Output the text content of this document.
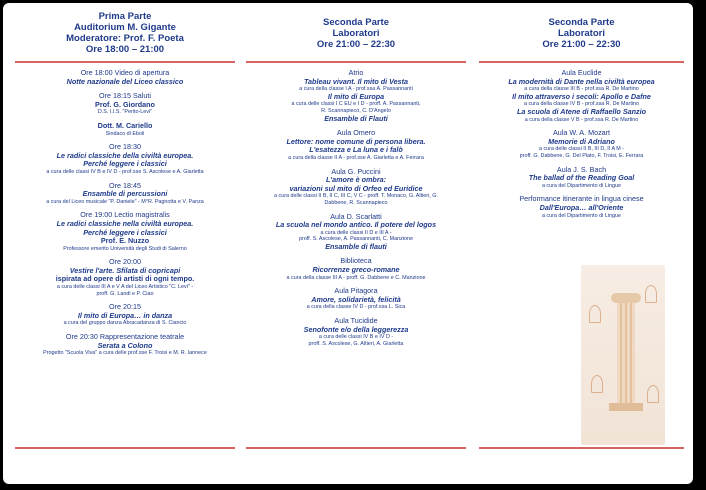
Prima Parte
Auditorium M. Gigante
Moderatore: Prof. F. Poeta
Ore 18:00 – 21:00
Ore 18:00 Video di apertura
Notte nazionale del Liceo classico
Ore 18:15 Saluti
Prof. G. Giordano
D.S. I.I.S. "Perito-Levi"
Dott. M. Cariello
Sindaco di Eboli
Ore 18:30
Le radici classiche della civiltà europea.
Perché leggere i classici
a cura delle classi IV B e IV D - prof.sse S. Ascolese e A. Giarletta
Ore 18:45
Ensamble di percussioni
a cura del Liceo musicale "P. Daniele" - M°R. Pagnotta e V. Panza
Ore 19:00 Lectio magistralis
Le radici classiche nella civiltà europea.
Perché leggere i classici
Prof. E. Nuzzo
Professore emerito Università degli Studi di Salerno
Ore 20:00
Vestire l'arte. Sfilata di copricapi
ispirata ad opere di artisti di ogni tempo.
a cura delle classi III A e V A del Liceo Artistico "C. Levi" -
proff. G. Landi e P. Ciao
Ore 20:15
Il mito di Europa… in danza
a cura del gruppo danza Abracadanza di S. Ciancio
Ore 20:30 Rappresentazione teatrale
Serata a Colono
Progetto "Scuola Viva" a cura delle prof.sse F. Troisi e M. R. Iannece
Seconda Parte
Laboratori
Ore 21:00 – 22:30
Atrio
Tableau vivant. Il mito di Vesta
a cura della classe I A - prof.ssa A. Passannanti
Il mito di Europa
a cura delle classi I C EU e I D - proff. A. Passannanti,
R. Scannapieco, C. D'Angelo
Ensamble di Flauti
Aula Omero
Lettore: nome comune di persona libera.
L'esatezza e La luna e i falò
a cura della classe II A - prof.sse A. Giarletta e A. Ferrara
Aula G. Puccini
L'amore è ombra:
variazioni sul mito di Orfeo ed Euridice
a cura delle classi II B, II C, III C, V C - proff. T. Monaco, G. Altieri, G.
Dabbene, R. Scannapieco
Aula D. Scarlatti
La scuola nel mondo antico. Il potere del logos
a cura delle classi II D e III A -
proff. S. Ascolese, A. Passannanti, C. Manzione
Ensamble di flauti
Biblioteca
Ricorrenze greco-romane
a cura della classe III A - proff. G. Dabbene e C. Manzione
Aula Pitagora
Amore, solidarietà, felicità
a cura della classe IV D - prof.ssa L. Sica
Aula Tucidide
Senofonte e/o della leggerezza
a cura delle classi IV B e IV D -
proff. S. Ascolese, G. Altieri, A. Giarletta
Seconda Parte
Laboratori
Ore 21:00 – 22:30
Aula Euclide
La modernità di Dante nella civiltà europea
a cura della classe III B - prof.ssa R. De Martino
Il mito attraverso i secoli: Apollo e Dafne
a cura della classe IV B - prof.ssa R. De Martino
La scuola di Atene di Raffaello Sanzio
a cura della classe V B - prof.ssa R. De Martino
Aula W. A. Mozart
Memorie di Adriano
a cura delle classi II B, III D, II A M -
proff. G. Dabbene, G. Del Plato, F. Troisi, E. Ferrara
Aula J. S. Bach
The ballad of the Reading Goal
a cura del Dipartimento di Lingue
Performance itinerante in lingua cinese
Dall'Europa… all'Oriente
a cura del Dipartimento di Lingue
